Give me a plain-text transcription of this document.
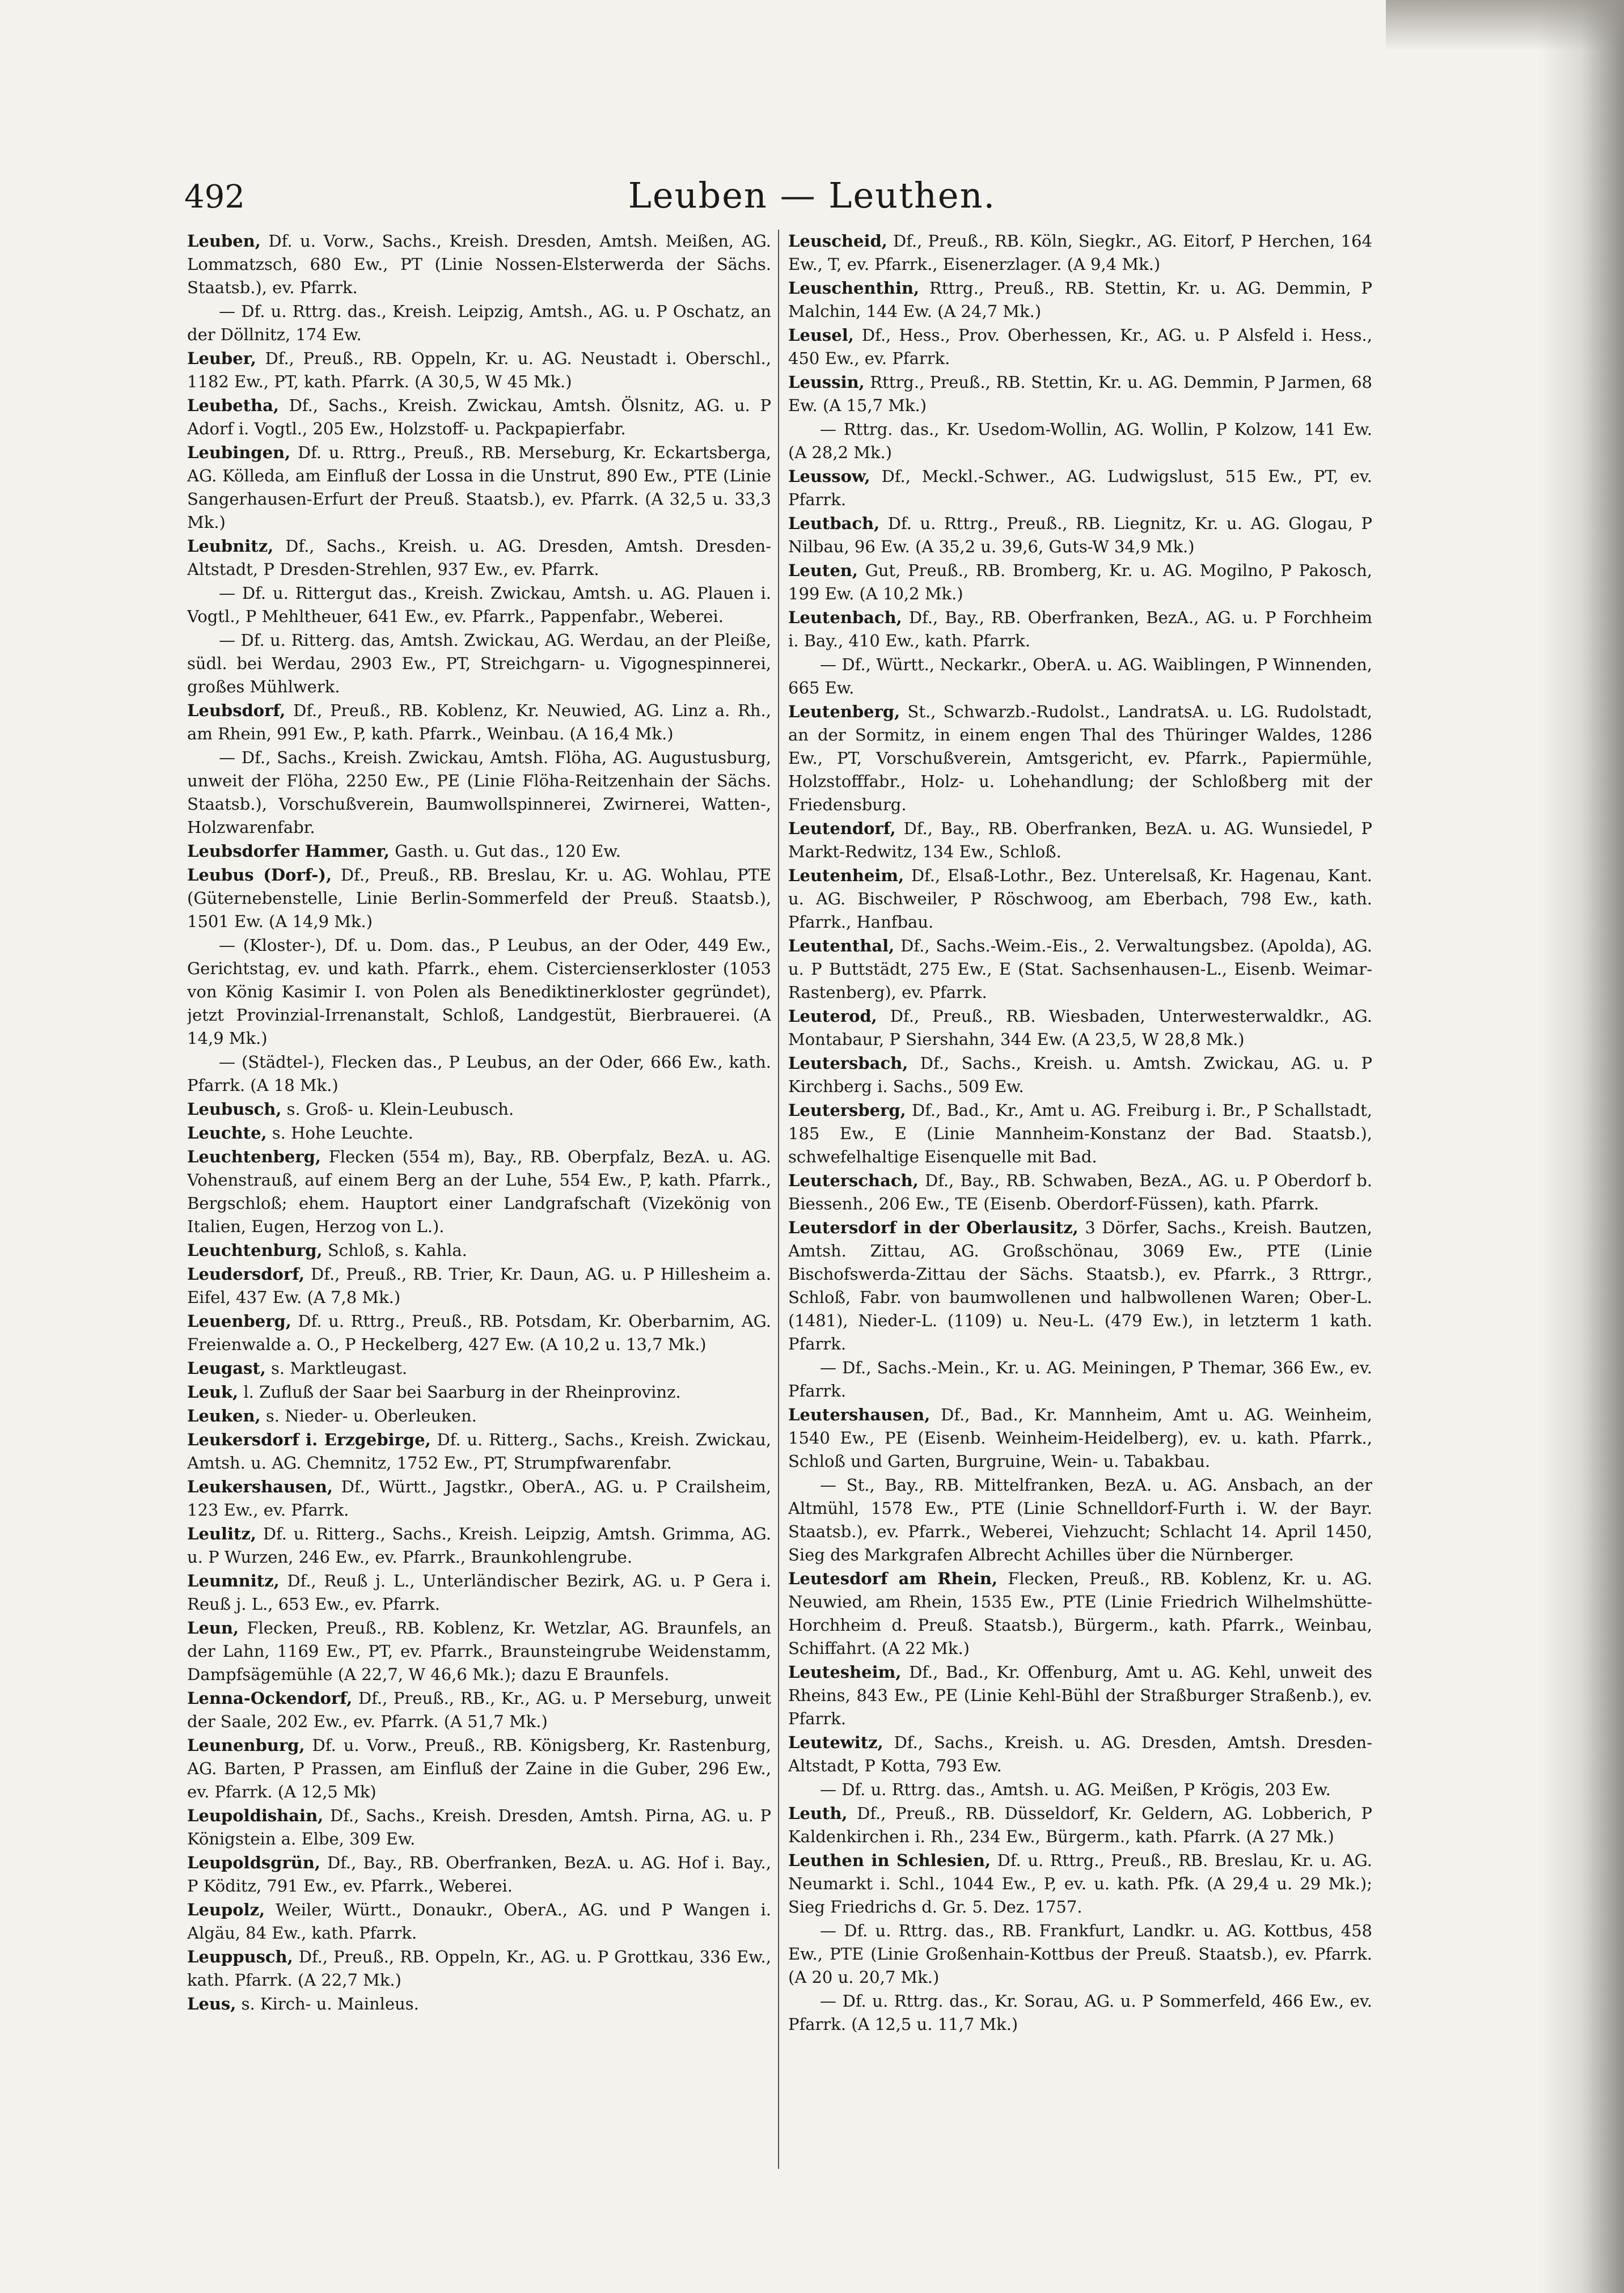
492	Leuben — Leuthen.
Leuben, Df. u. Vorw., Sachs., Kreish. Dresden, Amtsh. Meißen, AG. Lommatzsch, 680 Ew., PT (Linie Nossen-Elsterwerda der Sächs. Staatsb.), ev. Pfarrk.
— Df. u. Rttrg. das., Kreish. Leipzig, Amtsh., AG. u. P Oschatz, an der Döllnitz, 174 Ew.
Leuber, Df., Preuß., RB. Oppeln, Kr. u. AG. Neustadt i. Oberschl., 1182 Ew., PT, kath. Pfarrk. (A 30,5, W 45 Mk.)
Leubetha, Df., Sachs., Kreish. Zwickau, Amtsh. Ölsnitz, AG. u. P Adorf i. Vogtl., 205 Ew., Holzstoff- u. Packpapierfabr.
Leubingen, Df. u. Rttrg., Preuß., RB. Merseburg, Kr. Eckartsberga, AG. Kölleda, am Einfluß der Lossa in die Unstrut, 890 Ew., PTE (Linie Sangerhausen-Erfurt der Preuß. Staatsb.), ev. Pfarrk. (A 32,5 u. 33,3 Mk.)
Leubnitz, Df., Sachs., Kreish. u. AG. Dresden, Amtsh. Dresden-Altstadt, P Dresden-Strehlen, 937 Ew., ev. Pfarrk.
— Df. u. Rittergut das., Kreish. Zwickau, Amtsh. u. AG. Plauen i. Vogtl., P Mehltheuer, 641 Ew., ev. Pfarrk., Pappenfabr., Weberei.
— Df. u. Ritterg. das, Amtsh. Zwickau, AG. Werdau, an der Pleiße, südl. bei Werdau, 2903 Ew., PT, Streichgarn- u. Vigognespinnerei, großes Mühlwerk.
Leubsdorf, Df., Preuß., RB. Koblenz, Kr. Neuwied, AG. Linz a. Rh., am Rhein, 991 Ew., P, kath. Pfarrk., Weinbau. (A 16,4 Mk.)
— Df., Sachs., Kreish. Zwickau, Amtsh. Flöha, AG. Augustusburg, unweit der Flöha, 2250 Ew., PE (Linie Flöha-Reitzenhain der Sächs. Staatsb.), Vorschußverein, Baumwollspinnerei, Zwirnerei, Watten-, Holzwarenfabr.
Leubsdorfer Hammer, Gasth. u. Gut das., 120 Ew.
Leubus (Dorf-), Df., Preuß., RB. Breslau, Kr. u. AG. Wohlau, PTE (Güternebenstelle, Linie Berlin-Sommerfeld der Preuß. Staatsb.), 1501 Ew. (A 14,9 Mk.)
— (Kloster-), Df. u. Dom. das., P Leubus, an der Oder, 449 Ew., Gerichtstag, ev. und kath. Pfarrk., ehem. Cistercienserkloster (1053 von König Kasimir I. von Polen als Benediktinerkloster gegründet), jetzt Provinzial-Irrenanstalt, Schloß, Landgestüt, Bierbrauerei. (A 14,9 Mk.)
— (Städtel-), Flecken das., P Leubus, an der Oder, 666 Ew., kath. Pfarrk. (A 18 Mk.)
Leubusch, s. Groß- u. Klein-Leubusch.
Leuchte, s. Hohe Leuchte.
Leuchtenberg, Flecken (554 m), Bay., RB. Oberpfalz, BezA. u. AG. Vohenstrauß, auf einem Berg an der Luhe, 554 Ew., P, kath. Pfarrk., Bergschloß; ehem. Hauptort einer Landgrafschaft (Vizekönig von Italien, Eugen, Herzog von L.).
Leuchtenburg, Schloß, s. Kahla.
Leudersdorf, Df., Preuß., RB. Trier, Kr. Daun, AG. u. P Hillesheim a. Eifel, 437 Ew. (A 7,8 Mk.)
Leuenberg, Df. u. Rttrg., Preuß., RB. Potsdam, Kr. Oberbarnim, AG. Freienwalde a. O., P Heckelberg, 427 Ew. (A 10,2 u. 13,7 Mk.)
Leugast, s. Marktleugast.
Leuk, l. Zufluß der Saar bei Saarburg in der Rheinprovinz.
Leuken, s. Nieder- u. Oberleuken.
Leukersdorf i. Erzgebirge, Df. u. Ritterg., Sachs., Kreish. Zwickau, Amtsh. u. AG. Chemnitz, 1752 Ew., PT, Strumpfwarenfabr.
Leukershausen, Df., Württ., Jagstkr., OberA., AG. u. P Crailsheim, 123 Ew., ev. Pfarrk.
Leulitz, Df. u. Ritterg., Sachs., Kreish. Leipzig, Amtsh. Grimma, AG. u. P Wurzen, 246 Ew., ev. Pfarrk., Braunkohlengrube.
Leumnitz, Df., Reuß j. L., Unterländischer Bezirk, AG. u. P Gera i. Reuß j. L., 653 Ew., ev. Pfarrk.
Leun, Flecken, Preuß., RB. Koblenz, Kr. Wetzlar, AG. Braunfels, an der Lahn, 1169 Ew., PT, ev. Pfarrk., Braunsteingrube Weidenstamm, Dampfsägemühle (A 22,7, W 46,6 Mk.); dazu E Braunfels.
Lenna-Ockendorf, Df., Preuß., RB., Kr., AG. u. P Merseburg, unweit der Saale, 202 Ew., ev. Pfarrk. (A 51,7 Mk.)
Leunenburg, Df. u. Vorw., Preuß., RB. Königsberg, Kr. Rastenburg, AG. Barten, P Prassen, am Einfluß der Zaine in die Guber, 296 Ew., ev. Pfarrk. (A 12,5 Mk)
Leupoldishain, Df., Sachs., Kreish. Dresden, Amtsh. Pirna, AG. u. P Königstein a. Elbe, 309 Ew.
Leupoldsgrün, Df., Bay., RB. Oberfranken, BezA. u. AG. Hof i. Bay., P Köditz, 791 Ew., ev. Pfarrk., Weberei.
Leupolz, Weiler, Württ., Donaukr., OberA., AG. und P Wangen i. Algäu, 84 Ew., kath. Pfarrk.
Leuppusch, Df., Preuß., RB. Oppeln, Kr., AG. u. P Grottkau, 336 Ew., kath. Pfarrk. (A 22,7 Mk.)
Leus, s. Kirch- u. Mainleus.
Leuscheid, Df., Preuß., RB. Köln, Siegkr., AG. Eitorf, P Herchen, 164 Ew., T, ev. Pfarrk., Eisenerzlager. (A 9,4 Mk.)
Leuschenthin, Rttrg., Preuß., RB. Stettin, Kr. u. AG. Demmin, P Malchin, 144 Ew. (A 24,7 Mk.)
Leusel, Df., Hess., Prov. Oberhessen, Kr., AG. u. P Alsfeld i. Hess., 450 Ew., ev. Pfarrk.
Leussin, Rttrg., Preuß., RB. Stettin, Kr. u. AG. Demmin, P Jarmen, 68 Ew. (A 15,7 Mk.)
— Rttrg. das., Kr. Usedom-Wollin, AG. Wollin, P Kolzow, 141 Ew. (A 28,2 Mk.)
Leussow, Df., Meckl.-Schwer., AG. Ludwigslust, 515 Ew., PT, ev. Pfarrk.
Leutbach, Df. u. Rttrg., Preuß., RB. Liegnitz, Kr. u. AG. Glogau, P Nilbau, 96 Ew. (A 35,2 u. 39,6, Guts-W 34,9 Mk.)
Leuten, Gut, Preuß., RB. Bromberg, Kr. u. AG. Mogilno, P Pakosch, 199 Ew. (A 10,2 Mk.)
Leutenbach, Df., Bay., RB. Oberfranken, BezA., AG. u. P Forchheim i. Bay., 410 Ew., kath. Pfarrk.
— Df., Württ., Neckarkr., OberA. u. AG. Waiblingen, P Winnenden, 665 Ew.
Leutenberg, St., Schwarzb.-Rudolst., LandratsA. u. LG. Rudolstadt, an der Sormitz, in einem engen Thal des Thüringer Waldes, 1286 Ew., PT, Vorschußverein, Amtsgericht, ev. Pfarrk., Papiermühle, Holzstofffabr., Holz- u. Lohehandlung; der Schloßberg mit der Friedensburg.
Leutendorf, Df., Bay., RB. Oberfranken, BezA. u. AG. Wunsiedel, P Markt-Redwitz, 134 Ew., Schloß.
Leutenheim, Df., Elsaß-Lothr., Bez. Unterelsaß, Kr. Hagenau, Kant. u. AG. Bischweiler, P Röschwoog, am Eberbach, 798 Ew., kath. Pfarrk., Hanfbau.
Leutenthal, Df., Sachs.-Weim.-Eis., 2. Verwaltungsbez. (Apolda), AG. u. P Buttstädt, 275 Ew., E (Stat. Sachsenhausen-L., Eisenb. Weimar-Rastenberg), ev. Pfarrk.
Leuterod, Df., Preuß., RB. Wiesbaden, Unterwesterwaldkr., AG. Montabaur, P Siershahn, 344 Ew. (A 23,5, W 28,8 Mk.)
Leutersbach, Df., Sachs., Kreish. u. Amtsh. Zwickau, AG. u. P Kirchberg i. Sachs., 509 Ew.
Leutersberg, Df., Bad., Kr., Amt u. AG. Freiburg i. Br., P Schallstadt, 185 Ew., E (Linie Mannheim-Konstanz der Bad. Staatsb.), schwefelhaltige Eisenquelle mit Bad.
Leuterschach, Df., Bay., RB. Schwaben, BezA., AG. u. P Oberdorf b. Biessenh., 206 Ew., TE (Eisenb. Oberdorf-Füssen), kath. Pfarrk.
Leutersdorf in der Oberlausitz, 3 Dörfer, Sachs., Kreish. Bautzen, Amtsh. Zittau, AG. Großschönau, 3069 Ew., PTE (Linie Bischofswerda-Zittau der Sächs. Staatsb.), ev. Pfarrk., 3 Rttrgr., Schloß, Fabr. von baumwollenen und halbwollenen Waren; Ober-L. (1481), Nieder-L. (1109) u. Neu-L. (479 Ew.), in letzterm 1 kath. Pfarrk.
— Df., Sachs.-Mein., Kr. u. AG. Meiningen, P Themar, 366 Ew., ev. Pfarrk.
Leutershausen, Df., Bad., Kr. Mannheim, Amt u. AG. Weinheim, 1540 Ew., PE (Eisenb. Weinheim-Heidelberg), ev. u. kath. Pfarrk., Schloß und Garten, Burgruine, Wein- u. Tabakbau.
— St., Bay., RB. Mittelfranken, BezA. u. AG. Ansbach, an der Altmühl, 1578 Ew., PTE (Linie Schnelldorf-Furth i. W. der Bayr. Staatsb.), ev. Pfarrk., Weberei, Viehzucht; Schlacht 14. April 1450, Sieg des Markgrafen Albrecht Achilles über die Nürnberger.
Leutesdorf am Rhein, Flecken, Preuß., RB. Koblenz, Kr. u. AG. Neuwied, am Rhein, 1535 Ew., PTE (Linie Friedrich Wilhelmshütte-Horchheim d. Preuß. Staatsb.), Bürgerm., kath. Pfarrk., Weinbau, Schiffahrt. (A 22 Mk.)
Leutesheim, Df., Bad., Kr. Offenburg, Amt u. AG. Kehl, unweit des Rheins, 843 Ew., PE (Linie Kehl-Bühl der Straßburger Straßenb.), ev. Pfarrk.
Leutewitz, Df., Sachs., Kreish. u. AG. Dresden, Amtsh. Dresden-Altstadt, P Kotta, 793 Ew.
— Df. u. Rttrg. das., Amtsh. u. AG. Meißen, P Krögis, 203 Ew.
Leuth, Df., Preuß., RB. Düsseldorf, Kr. Geldern, AG. Lobberich, P Kaldenkirchen i. Rh., 234 Ew., Bürgerm., kath. Pfarrk. (A 27 Mk.)
Leuthen in Schlesien, Df. u. Rttrg., Preuß., RB. Breslau, Kr. u. AG. Neumarkt i. Schl., 1044 Ew., P, ev. u. kath. Pfk. (A 29,4 u. 29 Mk.); Sieg Friedrichs d. Gr. 5. Dez. 1757.
— Df. u. Rttrg. das., RB. Frankfurt, Landkr. u. AG. Kottbus, 458 Ew., PTE (Linie Großenhain-Kottbus der Preuß. Staatsb.), ev. Pfarrk. (A 20 u. 20,7 Mk.)
— Df. u. Rttrg. das., Kr. Sorau, AG. u. P Sommerfeld, 466 Ew., ev. Pfarrk. (A 12,5 u. 11,7 Mk.)
